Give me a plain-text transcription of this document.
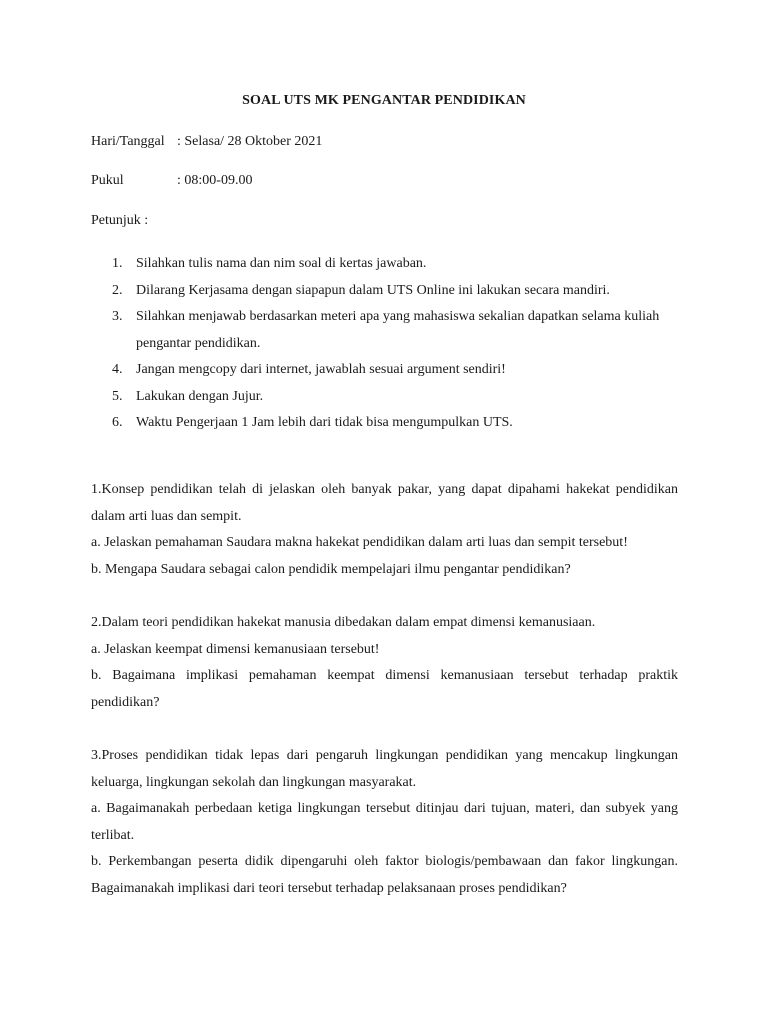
SOAL UTS MK PENGANTAR PENDIDIKAN
Hari/Tanggal : Selasa/ 28 Oktober 2021
Pukul	: 08:00-09.00
Petunjuk :
1. Silahkan tulis nama dan nim soal di kertas jawaban.
2. Dilarang Kerjasama dengan siapapun dalam UTS Online ini lakukan secara mandiri.
3. Silahkan menjawab berdasarkan meteri apa yang mahasiswa sekalian dapatkan selama kuliah pengantar pendidikan.
4. Jangan mengcopy dari internet, jawablah sesuai argument sendiri!
5. Lakukan dengan Jujur.
6. Waktu Pengerjaan 1 Jam lebih dari tidak bisa mengumpulkan UTS.

1.Konsep pendidikan telah di jelaskan oleh banyak pakar, yang dapat dipahami hakekat pendidikan dalam arti luas dan sempit.

a. Jelaskan pemahaman Saudara makna hakekat pendidikan dalam arti luas dan sempit tersebut!

b. Mengapa Saudara sebagai calon pendidik mempelajari ilmu pengantar pendidikan?

2.Dalam teori pendidikan hakekat manusia dibedakan dalam empat dimensi kemanusiaan.

a. Jelaskan keempat dimensi kemanusiaan tersebut!

b. Bagaimana implikasi pemahaman keempat dimensi kemanusiaan tersebut terhadap praktik pendidikan?

3.Proses pendidikan tidak lepas dari pengaruh lingkungan pendidikan yang mencakup lingkungan keluarga, lingkungan sekolah dan lingkungan masyarakat.

a. Bagaimanakah perbedaan ketiga lingkungan tersebut ditinjau dari tujuan, materi, dan subyek yang terlibat.

b. Perkembangan peserta didik dipengaruhi oleh faktor biologis/pembawaan dan fakor lingkungan. Bagaimanakah implikasi dari teori tersebut terhadap pelaksanaan proses pendidikan?
